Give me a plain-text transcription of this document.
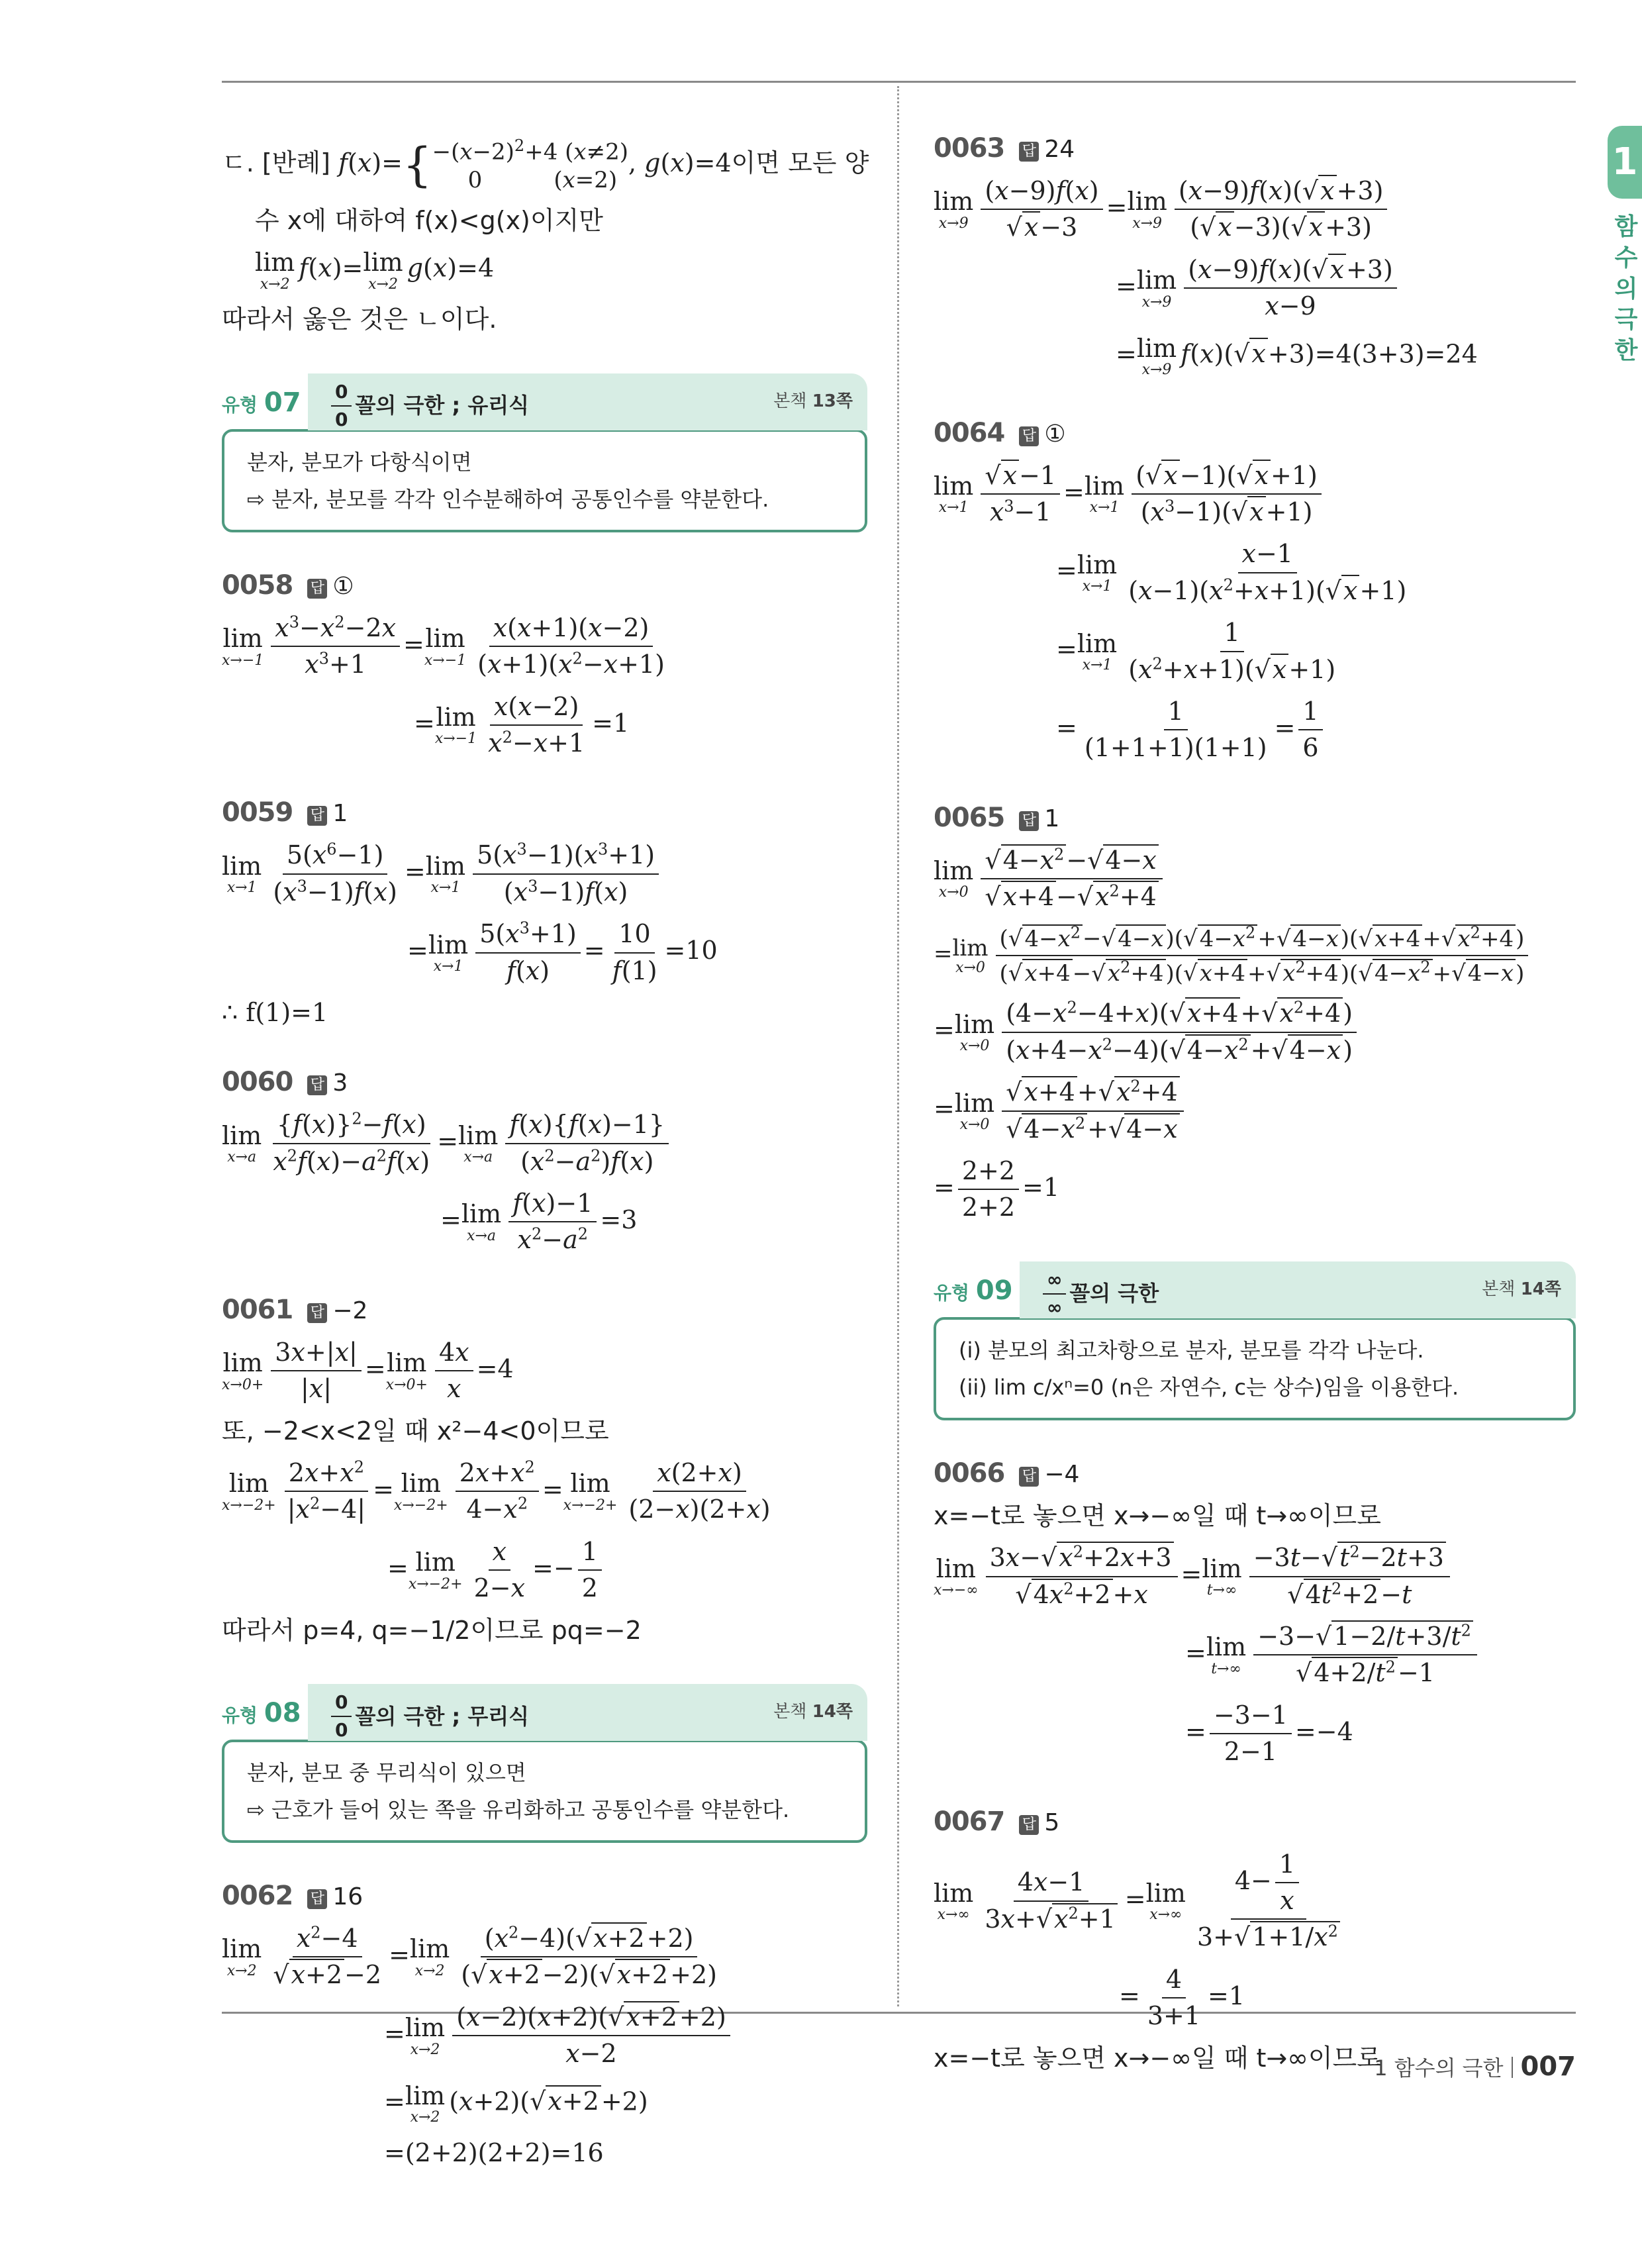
1
함수의 극한
ㄷ. [반례] $f(x)=\{ -(x-2)^2+4$ (x≠2)
0          (x=2)
, g(x)=4이면 모든 양
수 x에 대하여 f(x)<g(x)이지만
lim
x→2
f(x)= lim
x→2
g(x)=4
따라서 옳은 것은 ㄴ이다.
유형 07 0
0
꼴의 극한 ; 유리식	본책 13쪽
분자, 분모가 다항식이면
⇨ 분자, 분모를 각각 인수분해하여 공통인수를 약분한다.
0058 답 ①
lim
$x\to-1 \frac{x^3-x^2-2x}{x^3+1} = \lim$
$x\to-1 \frac{x(x+1)(x-2)}{(x+1)(x^2-x+1)}$
= lim
$x\to-1 \frac{x(x-2)}{x^2-x+1} =1$
0059 답 1
lim
$x\to 1 \frac{5(x^6-1)}{(x^3-1)f(x)} = \lim$
$x\to 1 \frac{5(x^3-1)(x^3+1)}{(x^3-1)f(x)}$
= lim
$x\to 1 \frac{5(x^3+1)}{f(x)} = \frac{10}{f(1)} =10$
∴ f(1)=1
0060 답 3
lim
$x\to a \frac{\{f(x)\}^2-f(x)}{x^2f(x)-a^2f(x)} = \lim$
$x\to a \frac{f(x)\{f(x)-1\}}{(x^2-a^2)f(x)}$
= lim
$x\to a \frac{f(x)-1}{x^2-a^2} =3$
0061 답 −2
lim
$x\to 0+ \frac{3x+|x|}{|x|} = \lim$
$x\to 0+ \frac{4x}{x} =4$
또, −2<x<2일 때 x²−4<0이므로
lim
$x\to-2+ \frac{2x+x^2}{|x^2-4|} = \lim$
$x\to-2+ \frac{2x+x^2}{4-x^2} = \lim$
$x\to-2+ \frac{x(2+x)}{(2-x)(2+x)}$
= lim
$x\to-2+ \frac{x}{2-x} =- \frac{1}{2}$
따라서 p=4, q=−1/2이므로 pq=−2
유형 08 0
0
꼴의 극한 ; 무리식	본책 14쪽
분자, 분모 중 무리식이 있으면
⇨ 근호가 들어 있는 쪽을 유리화하고 공통인수를 약분한다.
0062 답 16
lim
$x\to 2 \frac{x^2-4}{√x+2-2} = \lim$
$x\to 2 \frac{(x^2-4)(√x+2+2)}{(√x+2-2)(√x+2+2)}$
= lim
$x\to 2 \frac{(x-2)(x+2)(√x+2+2)}{x-2}$
= lim
x→2
(x+2)(√x+2+2)
=(2+2)(2+2)=16
0063 답 24
lim
$x\to 9 \frac{(x-9)f(x)}{√x-3} = \lim$
$x\to 9 \frac{(x-9)f(x)(√x+3)}{(√x-3)(√x+3)}$
= lim
$x\to 9 \frac{(x-9)f(x)(√x+3)}{x-9}$
= lim
x→9
f(x)(√x+3)=4(3+3)=24
0064 답 ①
lim
$x\to 1 \frac{√x-1}{x^3-1} = \lim$
$x\to 1 \frac{(√x-1)(√x+1)}{(x^3-1)(√x+1)}$
= lim
$x\to 1 \frac{x-1}{(x-1)(x^2+x+1)(√x+1)}$
= lim
$x\to 1 \frac{1}{(x^2+x+1)(√x+1)}$
= $\frac{1}{(1+1+1)(1+1)} = \frac{1}{6}$
0065 답 1
lim
$x\to 0 \frac{√4-x^2-√4-x}{√x+4-√x^2+4}$
= lim
$x\to 0 \frac{(√4-x^2-√4-x)(√4-x^2+√4-x)(√x+4+√x^2+4)}{(√x+4-√x^2+4)(√x+4+√x^2+4)(√4-x^2+√4-x)}$
= lim
$x\to 0 \frac{(4-x^2-4+x)(√x+4+√x^2+4)}{(x+4-x^2-4)(√4-x^2+√4-x)}$
= lim
$x\to 0 \frac{√x+4+√x^2+4}{√4-x^2+√4-x}$
= $\frac{2+2}{2+2} =1$
유형 09 ∞
∞
꼴의 극한	본책 14쪽
(i) 분모의 최고차항으로 분자, 분모를 각각 나눈다.
(ii) lim c/xⁿ=0 (n은 자연수, c는 상수)임을 이용한다.
0066 답 −4
x=−t로 놓으면 x→−∞일 때 t→∞이므로
lim
$x\to-\infty \frac{3x-√x^2+2x+3}{√4x^2+2+x} = \lim$
$t\to\infty \frac{-3t-√t^2-2t+3}{√4t^2+2-t}$
= lim
$t\to\infty \frac{-3-√1-2/t+3/t^2}{√4+2/t^2-1}$
= $\frac{-3-1}{2-1} =-4$
0067 답 5
lim
$x\to\infty \frac{4x-1}{3x+√x^2+1} = \lim$
$x\to\infty \frac{4- \frac{1}{x}}{3+√1+1/x^2}$
= $\frac{4}{3+1} =1$
x=−t로 놓으면 x→−∞일 때 t→∞이므로
1 함수의 극한 007
